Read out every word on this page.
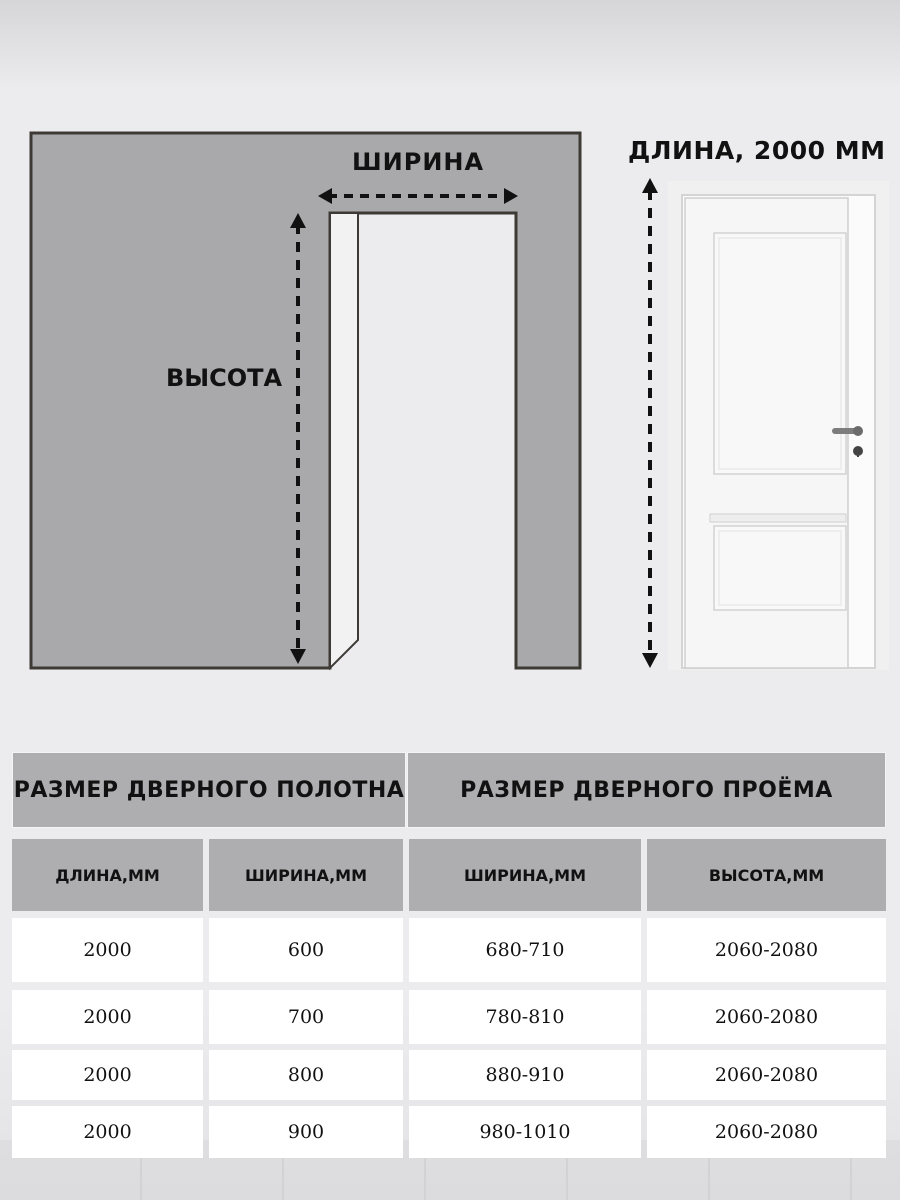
ШИРИНА
ВЫСОТА
ДЛИНА, 2000 ММ
РАЗМЕР ДВЕРНОГО ПОЛОТНА	РАЗМЕР ДВЕРНОГО ПРОЁМА
ДЛИНА,ММ	ШИРИНА,ММ	ШИРИНА,ММ	ВЫСОТА,ММ
2000	600	680-710	2060-2080
2000	700	780-810	2060-2080
2000	800	880-910	2060-2080
2000	900	980-1010	2060-2080
